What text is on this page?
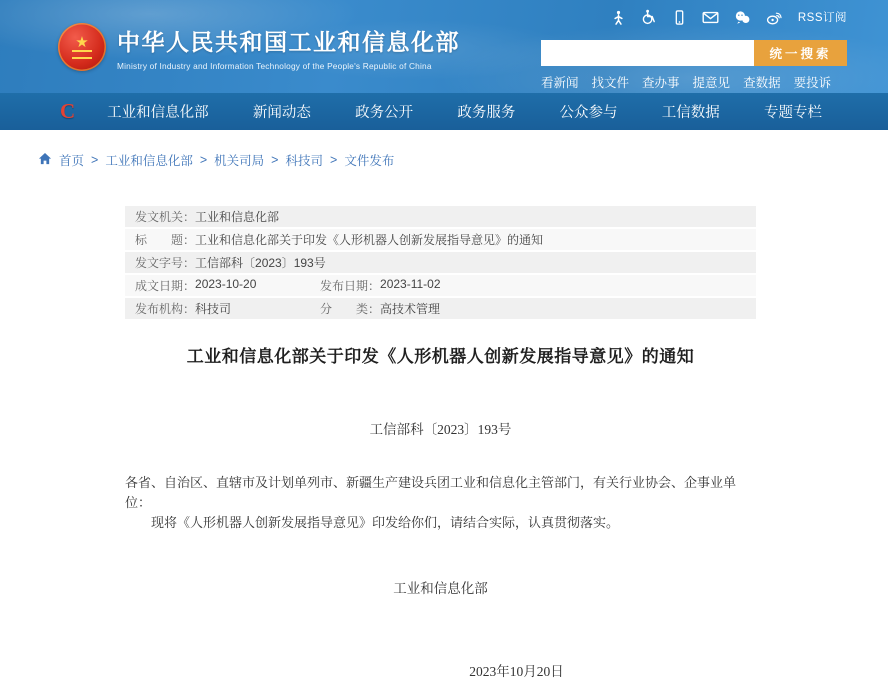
RSS订阅
★ 中华人民共和国工业和信息化部
Ministry of Industry and Information Technology of the People's Republic of China
统一搜索
看新闻 找文件 查办事 提意见 查数据 要投诉
C 工业和信息化部	新闻动态	政务公开	政务服务	公众参与	工信数据	专题专栏
首页 > 工业和信息化部 > 机关司局 > 科技司 > 文件发布
发文机关： 工业和信息化部
标　　题： 工业和信息化部关于印发《人形机器人创新发展指导意见》的通知
发文字号： 工信部科〔2023〕193号
成文日期： 2023-10-20	发布日期： 2023-11-02
发布机构： 科技司	分　　类： 高技术管理
工业和信息化部关于印发《人形机器人创新发展指导意见》的通知
工信部科〔2023〕193号

各省、自治区、直辖市及计划单列市、新疆生产建设兵团工业和信息化主管部门，有关行业协会、企事业单位：

现将《人形机器人创新发展指导意见》印发给你们，请结合实际，认真贯彻落实。

工业和信息化部
2023年10月20日
